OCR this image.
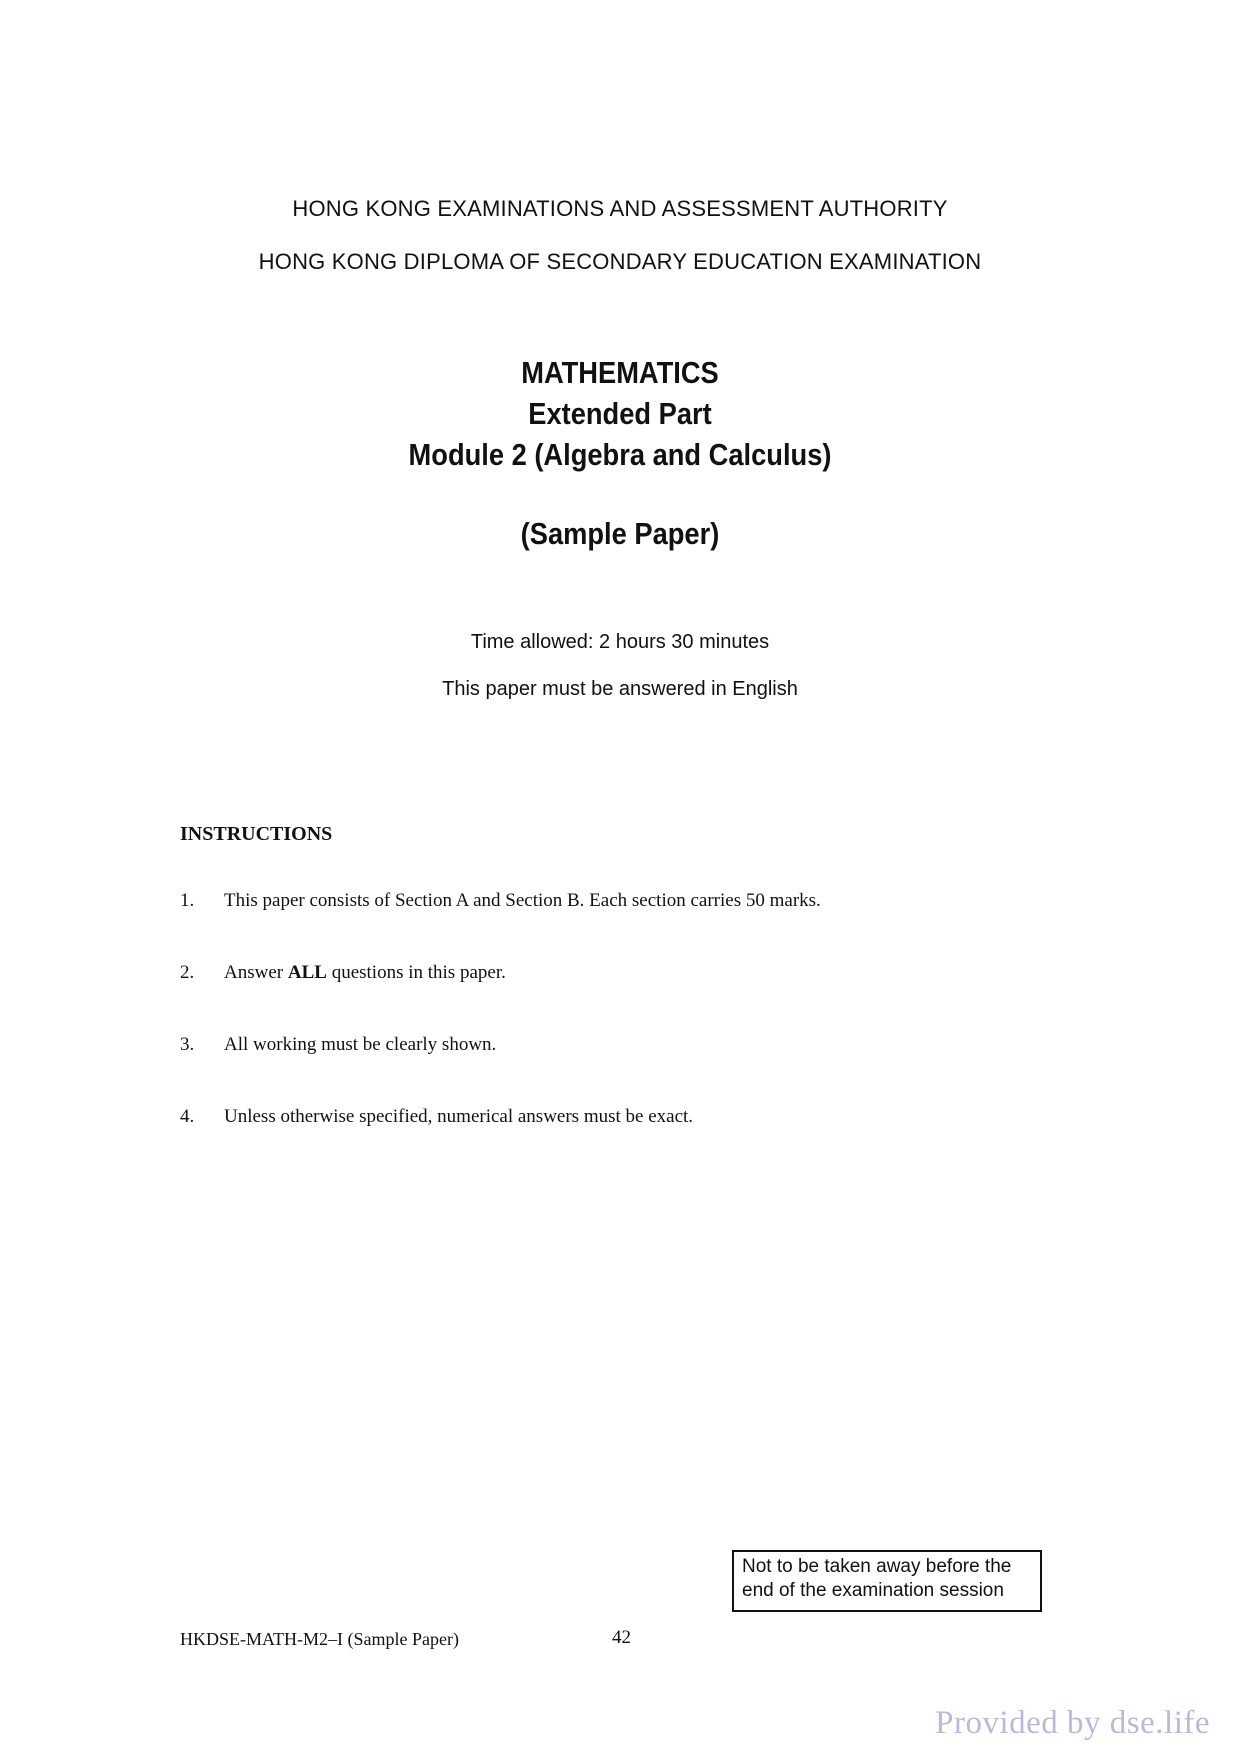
HONG KONG EXAMINATIONS AND ASSESSMENT AUTHORITY
HONG KONG DIPLOMA OF SECONDARY EDUCATION EXAMINATION
MATHEMATICS
Extended Part
Module 2 (Algebra and Calculus)
(Sample Paper)
Time allowed: 2 hours 30 minutes
This paper must be answered in English
INSTRUCTIONS
1. This paper consists of Section A and Section B. Each section carries 50 marks.
2. Answer ALL questions in this paper.
3. All working must be clearly shown.
4. Unless otherwise specified, numerical answers must be exact.
Not to be taken away before the
end of the examination session
HKDSE-MATH-M2–I (Sample Paper)	42
Provided by dse.life
